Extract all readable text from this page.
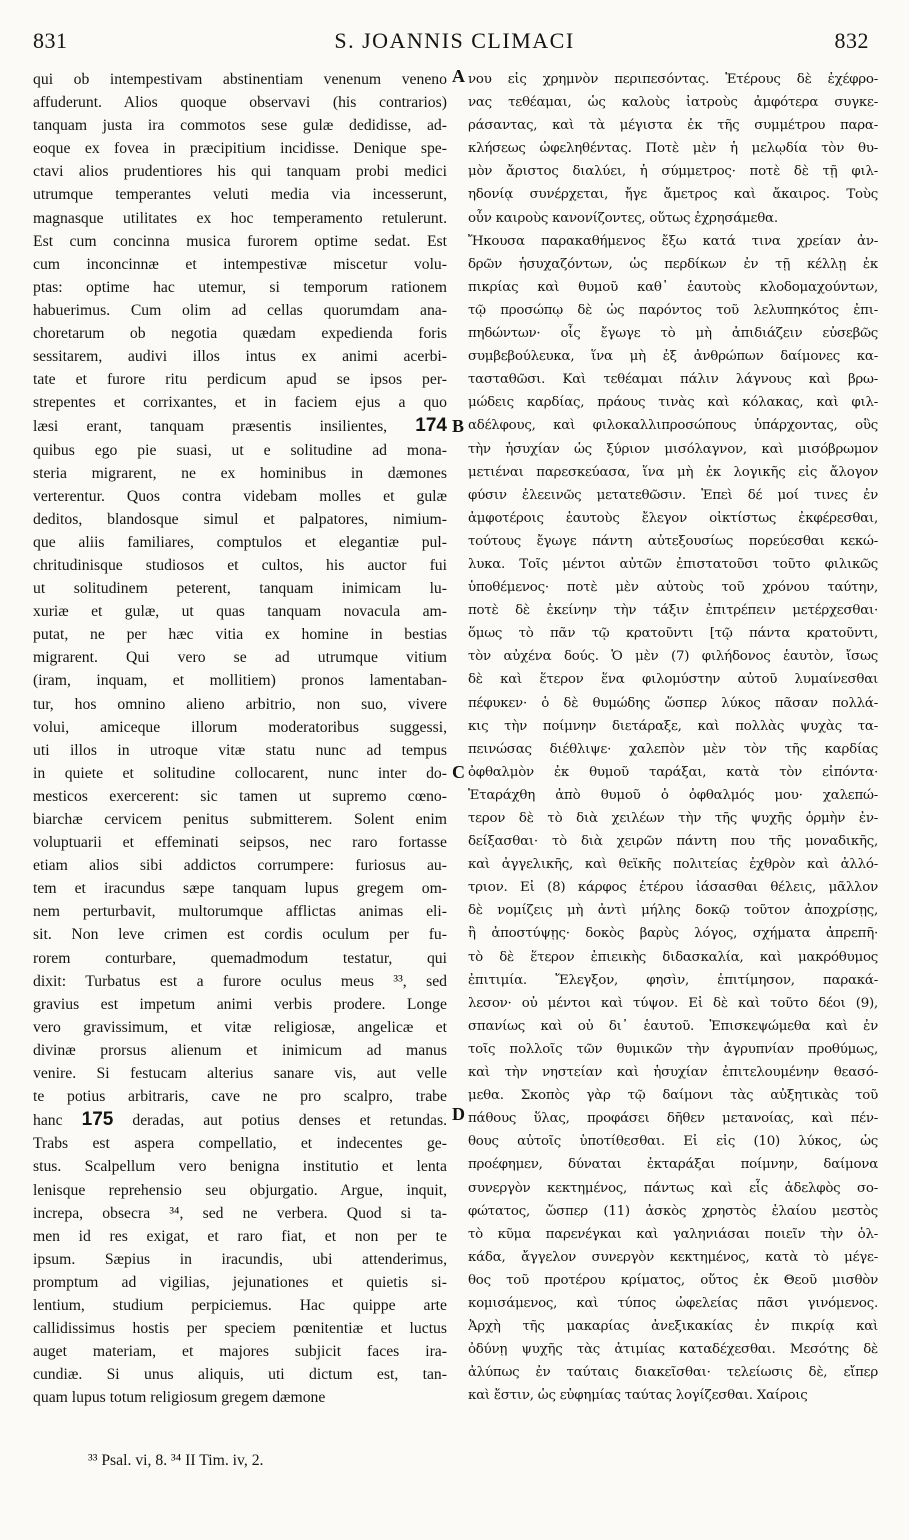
831	S. JOANNIS CLIMACI	832
qui ob intempestivam abstinentiam venenum veneno
affuderunt. Alios quoque observavi (his contrarios)
tanquam justa ira commotos sese gulæ dedidisse, ad-
eoque ex fovea in præcipitium incidisse. Denique spe-
ctavi alios prudentiores his qui tanquam probi medici
utrumque temperantes veluti media via incesserunt,
magnasque utilitates ex hoc temperamento retulerunt.
Est cum concinna musica furorem optime sedat. Est
cum inconcinnæ et intempestivæ miscetur volu-
ptas: optime hac utemur, si temporum rationem
habuerimus. Cum olim ad cellas quorumdam ana-
choretarum ob negotia quædam expedienda foris
sessitarem, audivi illos intus ex animi acerbi-
tate et furore ritu perdicum apud se ipsos per-
strepentes et corrixantes, et in faciem ejus a quo
læsi erant, tanquam præsentis insilientes, 174
quibus ego pie suasi, ut e solitudine ad mona-
steria migrarent, ne ex hominibus in dæmones
verterentur. Quos contra videbam molles et gulæ
deditos, blandosque simul et palpatores, nimium-
que aliis familiares, comptulos et elegantiæ pul-
chritudinisque studiosos et cultos, his auctor fui
ut solitudinem peterent, tanquam inimicam lu-
xuriæ et gulæ, ut quas tanquam novacula am-
putat, ne per hæc vitia ex homine in bestias
migrarent. Qui vero se ad utrumque vitium
(iram, inquam, et mollitiem) pronos lamentaban-
tur, hos omnino alieno arbitrio, non suo, vivere
volui, amiceque illorum moderatoribus suggessi,
uti illos in utroque vitæ statu nunc ad tempus
in quiete et solitudine collocarent, nunc inter do-
mesticos exercerent: sic tamen ut supremo cœno-
biarchæ cervicem penitus submitterem. Solent enim
voluptuarii et effeminati seipsos, nec raro fortasse
etiam alios sibi addictos corrumpere: furiosus au-
tem et iracundus sæpe tanquam lupus gregem om-
nem perturbavit, multorumque afflictas animas eli-
sit. Non leve crimen est cordis oculum per fu-
rorem conturbare, quemadmodum testatur, qui
dixit: Turbatus est a furore oculus meus ³³, sed
gravius est impetum animi verbis prodere. Longe
vero gravissimum, et vitæ religiosæ, angelicæ et
divinæ prorsus alienum et inimicum ad manus
venire. Si festucam alterius sanare vis, aut velle
te potius arbitraris, cave ne pro scalpro, trabe
hanc 175 deradas, aut potius denses et retundas.
Trabs est aspera compellatio, et indecentes ge-
stus. Scalpellum vero benigna institutio et lenta
lenisque reprehensio seu objurgatio. Argue, inquit,
increpa, obsecra ³⁴, sed ne verbera. Quod si ta-
men id res exigat, et raro fiat, et non per te
ipsum. Sæpius in iracundis, ubi attenderimus,
promptum ad vigilias, jejunationes et quietis si-
lentium, studium perpiciemus. Hac quippe arte
callidissimus hostis per speciem pœnitentiæ et luctus
auget materiam, et majores subjicit faces ira-
cundiæ. Si unus aliquis, uti dictum est, tan-
quam lupus totum religiosum gregem dæmone
A
B
C
D
νου εἰς χρημνὸν περιπεσόντας. Ἑτέρους δὲ ἐχέφρο-
νας τεθέαμαι, ὡς καλοὺς ἰατροὺς ἀμφότερα συγκε-
ράσαντας, καὶ τὰ μέγιστα ἐκ τῆς συμμέτρου παρα-
κλήσεως ὠφεληθέντας. Ποτὲ μὲν ἡ μελῳδία τὸν θυ-
μὸν ἄριστος διαλύει, ἡ σύμμετρος· ποτὲ δὲ τῇ φιλ-
ηδονίᾳ συνέρχεται, ἤγε ἄμετρος καὶ ἄκαιρος. Τοὺς
οὖν καιροὺς κανονίζοντες, οὕτως ἐχρησάμεθα.
Ἤκουσα παρακαθήμενος ἔξω κατά τινα χρείαν ἀν-
δρῶν ἡσυχαζόντων, ὡς περδίκων ἐν τῇ κέλλῃ ἐκ
πικρίας καὶ θυμοῦ καθ᾿ ἑαυτοὺς κλοδομαχούντων,
τῷ προσώπῳ δὲ ὡς παρόντος τοῦ λελυπηκότος ἐπι-
πηδώντων· οἷς ἔγωγε τὸ μὴ ἀπιδιάζειν εὐσεβῶς
συμβεβούλευκα, ἵνα μὴ ἐξ ἀνθρώπων δαίμονες κα-
τασταθῶσι. Καὶ τεθέαμαι πάλιν λάγνους καὶ βρω-
μώδεις καρδίας, πράους τινὰς καὶ κόλακας, καὶ φιλ-
αδέλφους, καὶ φιλοκαλλιπροσώπους ὑπάρχοντας, οὓς
τὴν ἡσυχίαν ὡς ξύριον μισόλαγνον, καὶ μισόβρωμον
μετιέναι παρεσκεύασα, ἵνα μὴ ἐκ λογικῆς εἰς ἄλογον
φύσιν ἐλεεινῶς μετατεθῶσιν. Ἐπεὶ δέ μοί τινες ἐν
ἀμφοτέροις ἑαυτοὺς ἔλεγον οἰκτίστως ἐκφέρεσθαι,
τούτους ἔγωγε πάντη αὐτεξουσίως πορεύεσθαι κεκώ-
λυκα. Τοῖς μέντοι αὐτῶν ἐπιστατοῦσι τοῦτο φιλικῶς
ὑποθέμενος· ποτὲ μὲν αὐτοὺς τοῦ χρόνου ταύτην,
ποτὲ δὲ ἐκείνην τὴν τάξιν ἐπιτρέπειν μετέρχεσθαι·
ὅμως τὸ πᾶν τῷ κρατοῦντι [τῷ πάντα κρατοῦντι,
τὸν αὐχένα δούς. Ὁ μὲν (7) φιλήδονος ἑαυτὸν, ἴσως
δὲ καὶ ἕτερον ἕνα φιλομύστην αὐτοῦ λυμαίνεσθαι
πέφυκεν· ὁ δὲ θυμώδης ὥσπερ λύκος πᾶσαν πολλά-
κις τὴν ποίμνην διετάραξε, καὶ πολλὰς ψυχὰς τα-
πεινώσας διέθλιψε· χαλεπὸν μὲν τὸν τῆς καρδίας
ὀφθαλμὸν ἐκ θυμοῦ ταράξαι, κατὰ τὸν εἰπόντα·
Ἐταράχθη ἀπὸ θυμοῦ ὁ ὀφθαλμός μου· χαλεπώ-
τερον δὲ τὸ διὰ χειλέων τὴν τῆς ψυχῆς ὁρμὴν ἐν-
δείξασθαι· τὸ διὰ χειρῶν πάντη που τῆς μοναδικῆς,
καὶ ἀγγελικῆς, καὶ θεϊκῆς πολιτείας ἐχθρὸν καὶ ἀλλό-
τριον. Εἰ (8) κάρφος ἑτέρου ἰάσασθαι θέλεις, μᾶλλον
δὲ νομίζεις μὴ ἀντὶ μήλης δοκῷ τοῦτον ἀποχρίσῃς,
ἢ ἀποστύψῃς· δοκὸς βαρὺς λόγος, σχήματα ἀπρεπῆ·
τὸ δὲ ἕτερον ἐπιεικὴς διδασκαλία, καὶ μακρόθυμος
ἐπιτιμία. Ἔλεγξον, φησὶν, ἐπιτίμησον, παρακά-
λεσον· οὐ μέντοι καὶ τύψον. Εἰ δὲ καὶ τοῦτο δέοι (9),
σπανίως καὶ οὐ δι᾿ ἑαυτοῦ. Ἐπισκεψώμεθα καὶ ἐν
τοῖς πολλοῖς τῶν θυμικῶν τὴν ἀγρυπνίαν προθύμως,
καὶ τὴν νηστείαν καὶ ἡσυχίαν ἐπιτελουμένην θεασό-
μεθα. Σκοπὸς γὰρ τῷ δαίμονι τὰς αὐξητικὰς τοῦ
πάθους ὕλας, προφάσει δῆθεν μετανοίας, καὶ πέν-
θους αὐτοῖς ὑποτίθεσθαι. Εἰ εἰς (10) λύκος, ὡς
προέφημεν, δύναται ἐκταράξαι ποίμνην, δαίμονα
συνεργὸν κεκτημένος, πάντως καὶ εἷς ἀδελφὸς σο-
φώτατος, ὥσπερ (11) ἀσκὸς χρηστὸς ἐλαίου μεστὸς
τὸ κῦμα παρενέγκαι καὶ γαληνιάσαι ποιεῖν τὴν ὁλ-
κάδα, ἄγγελον συνεργὸν κεκτημένος, κατὰ τὸ μέγε-
θος τοῦ προτέρου κρίματος, οὕτος ἐκ Θεοῦ μισθὸν
κομισάμενος, καὶ τύπος ὠφελείας πᾶσι γινόμενος.
Ἀρχὴ τῆς μακαρίας ἀνεξικακίας ἐν πικρίᾳ καὶ
ὀδύνῃ ψυχῆς τὰς ἀτιμίας καταδέχεσθαι. Μεσότης δὲ
ἀλύπως ἐν ταύταις διακεῖσθαι· τελείωσις δὲ, εἴπερ
καὶ ἔστιν, ὡς εὐφημίας ταύτας λογίζεσθαι. Χαίροις
³³ Psal. vi, 8. ³⁴ II Tim. iv, 2.
